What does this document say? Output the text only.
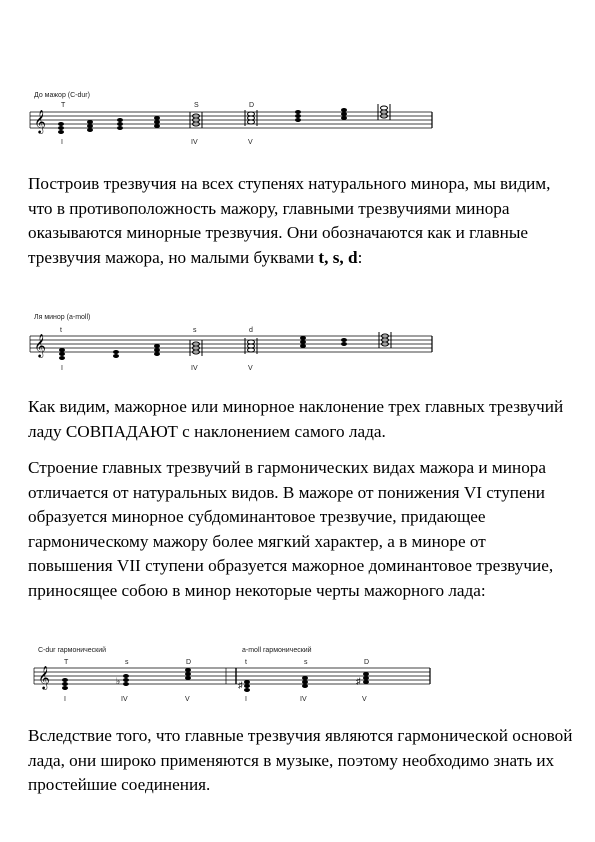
До мажор (C-dur)
𝄞
T	S	D
I	IV	V
Ля минор (a-moll)
𝄞
t	s	d
I	IV	V
C-dur гармонический	a-moll гармонический
𝄞	♭	♯	♯
T	s	D	t	s	D
I	IV	V	I	IV	V

Построив трезвучия на всех ступенях натурального минора, мы видим, что в противоположность мажору, главными трезвучиями минора оказываются минорные трезвучия. Они обозначаются как и главные трезвучия мажора, но малыми буквами t, s, d:

Как видим, мажорное или минорное наклонение трех главных трезвучий ладу СОВПАДАЮТ с наклонением самого лада.

Строение главных трезвучий в гармонических видах мажора и минора отличается от натуральных видов. В мажоре от понижения VI ступени образуется минорное субдоминантовое трезвучие, придающее гармоническому мажору более мягкий характер, а в миноре от повышения VII ступени образуется мажорное доминантовое трезвучие, приносящее собою в минор некоторые черты мажорного лада:

Вследствие того, что главные трезвучия являются гармонической основой лада, они широко применяются в музыке, поэтому необходимо знать их простейшие соединения.
